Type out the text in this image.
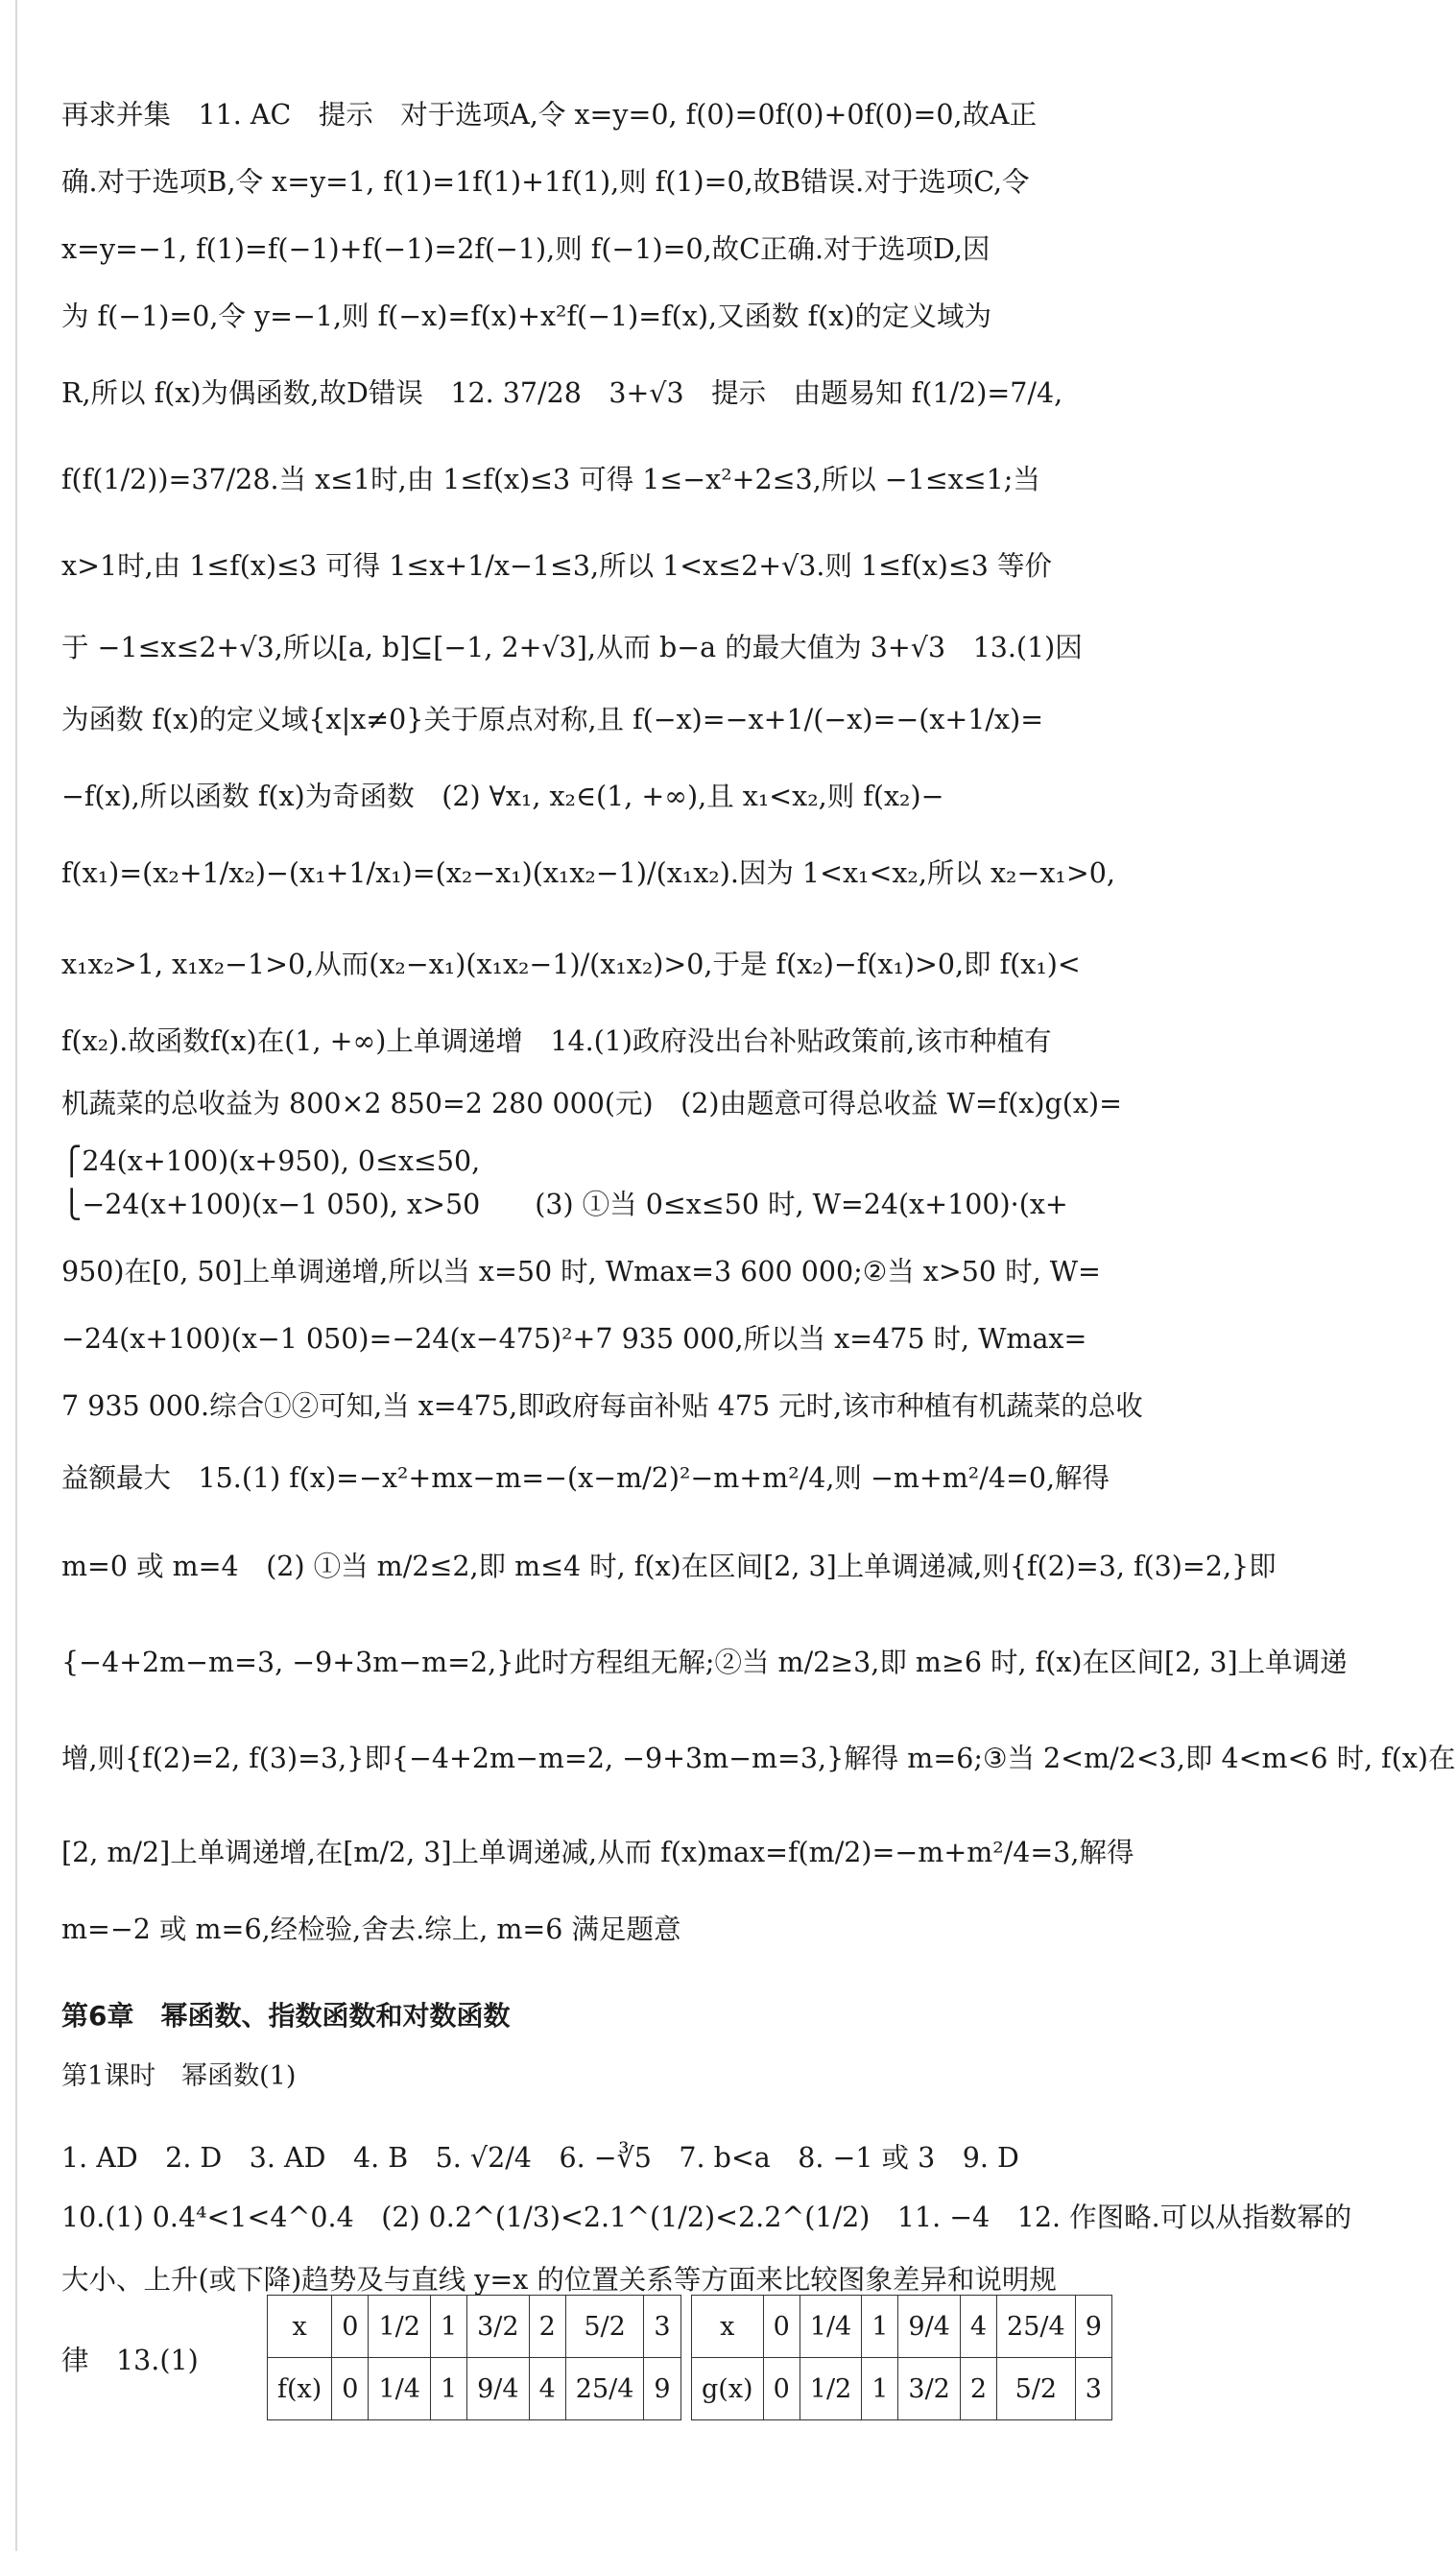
再求并集　11. AC　提示　对于选项A,令 x=y=0, f(0)=0f(0)+0f(0)=0,故A正
确.对于选项B,令 x=y=1, f(1)=1f(1)+1f(1),则 f(1)=0,故B错误.对于选项C,令
x=y=−1, f(1)=f(−1)+f(−1)=2f(−1),则 f(−1)=0,故C正确.对于选项D,因
为 f(−1)=0,令 y=−1,则 f(−x)=f(x)+x²f(−1)=f(x),又函数 f(x)的定义域为
R,所以 f(x)为偶函数,故D错误　12. 37/28　3+√3　提示　由题易知 f(1/2)=7/4,
f(f(1/2))=37/28.当 x≤1时,由 1≤f(x)≤3 可得 1≤−x²+2≤3,所以 −1≤x≤1;当
x>1时,由 1≤f(x)≤3 可得 1≤x+1/x−1≤3,所以 1<x≤2+√3.则 1≤f(x)≤3 等价
于 −1≤x≤2+√3,所以[a, b]⊆[−1, 2+√3],从而 b−a 的最大值为 3+√3　13.(1)因
为函数 f(x)的定义域{x|x≠0}关于原点对称,且 f(−x)=−x+1/(−x)=−(x+1/x)=
−f(x),所以函数 f(x)为奇函数　(2) ∀x₁, x₂∈(1, +∞),且 x₁<x₂,则 f(x₂)−
f(x₁)=(x₂+1/x₂)−(x₁+1/x₁)=(x₂−x₁)(x₁x₂−1)/(x₁x₂).因为 1<x₁<x₂,所以 x₂−x₁>0,
x₁x₂>1, x₁x₂−1>0,从而(x₂−x₁)(x₁x₂−1)/(x₁x₂)>0,于是 f(x₂)−f(x₁)>0,即 f(x₁)<
f(x₂).故函数f(x)在(1, +∞)上单调递增　14.(1)政府没出台补贴政策前,该市种植有
机蔬菜的总收益为 800×2 850=2 280 000(元)　(2)由题意可得总收益 W=f(x)g(x)=
⎧24(x+100)(x+950), 0≤x≤50,
⎩−24(x+100)(x−1 050), x>50　　(3) ①当 0≤x≤50 时, W=24(x+100)·(x+
950)在[0, 50]上单调递增,所以当 x=50 时, Wmax=3 600 000;②当 x>50 时, W=
−24(x+100)(x−1 050)=−24(x−475)²+7 935 000,所以当 x=475 时, Wmax=
7 935 000.综合①②可知,当 x=475,即政府每亩补贴 475 元时,该市种植有机蔬菜的总收
益额最大　15.(1) f(x)=−x²+mx−m=−(x−m/2)²−m+m²/4,则 −m+m²/4=0,解得
m=0 或 m=4　(2) ①当 m/2≤2,即 m≤4 时, f(x)在区间[2, 3]上单调递减,则{f(2)=3, f(3)=2,}即
{−4+2m−m=3, −9+3m−m=2,}此时方程组无解;②当 m/2≥3,即 m≥6 时, f(x)在区间[2, 3]上单调递
增,则{f(2)=2, f(3)=3,}即{−4+2m−m=2, −9+3m−m=3,}解得 m=6;③当 2<m/2<3,即 4<m<6 时, f(x)在
[2, m/2]上单调递增,在[m/2, 3]上单调递减,从而 f(x)max=f(m/2)=−m+m²/4=3,解得
m=−2 或 m=6,经检验,舍去.综上, m=6 满足题意
第6章　幂函数、指数函数和对数函数
第1课时　幂函数(1)
1. AD　2. D　3. AD　4. B　5. √2/4　6. −∛5　7. b<a　8. −1 或 3　9. D
10.(1) 0.4⁴<1<4^0.4　(2) 0.2^(1/3)<2.1^(1/2)<2.2^(1/2)　11. −4　12. 作图略.可以从指数幂的
大小、上升(或下降)趋势及与直线 y=x 的位置关系等方面来比较图象差异和说明规
律　13.(1)
x	0	1/2	1	3/2	2	5/2	3
f(x)	0	1/4	1	9/4	4	25/4	9
x	0	1/4	1	9/4	4	25/4	9
g(x)	0	1/2	1	3/2	2	5/2	3
